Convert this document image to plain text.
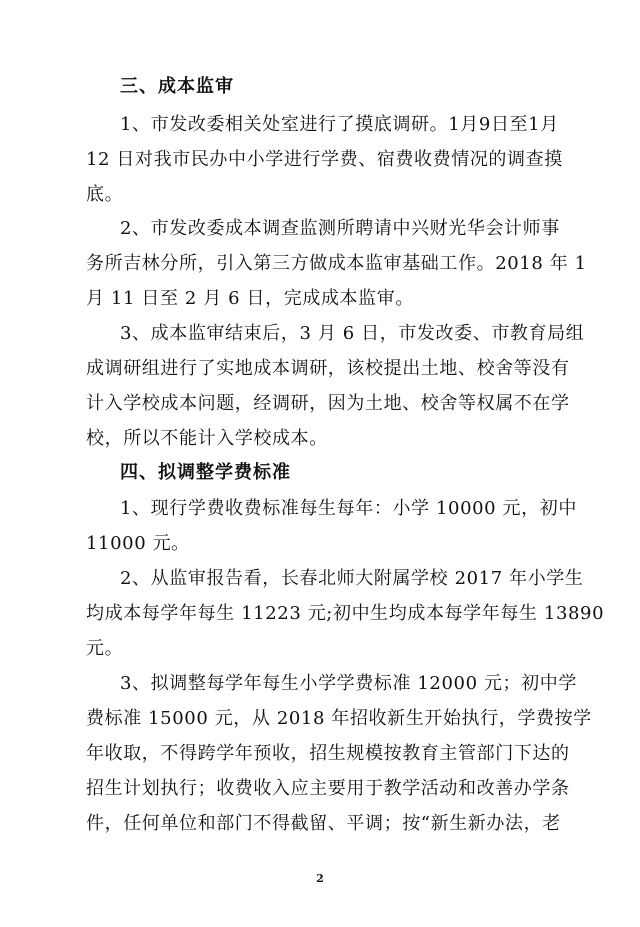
三、成本监审
1、市发改委相关处室进行了摸底调研。1月9日至1月
12 日对我市民办中小学进行学费、宿费收费情况的调查摸
底。
2、市发改委成本调查监测所聘请中兴财光华会计师事
务所吉林分所，引入第三方做成本监审基础工作。2018 年 1
月 11 日至 2 月 6 日，完成成本监审。
3、成本监审结束后，3 月 6 日，市发改委、市教育局组
成调研组进行了实地成本调研，该校提出土地、校舍等没有
计入学校成本问题，经调研，因为土地、校舍等权属不在学
校，所以不能计入学校成本。
四、拟调整学费标准
1、现行学费收费标准每生每年：小学 10000 元，初中
11000 元。
2、从监审报告看，长春北师大附属学校 2017 年小学生
均成本每学年每生 11223 元;初中生均成本每学年每生 13890
元。
3、拟调整每学年每生小学学费标准 12000 元；初中学
费标准 15000 元，从 2018 年招收新生开始执行，学费按学
年收取，不得跨学年预收，招生规模按教育主管部门下达的
招生计划执行；收费收入应主要用于教学活动和改善办学条
件，任何单位和部门不得截留、平调；按“新生新办法，老
2
